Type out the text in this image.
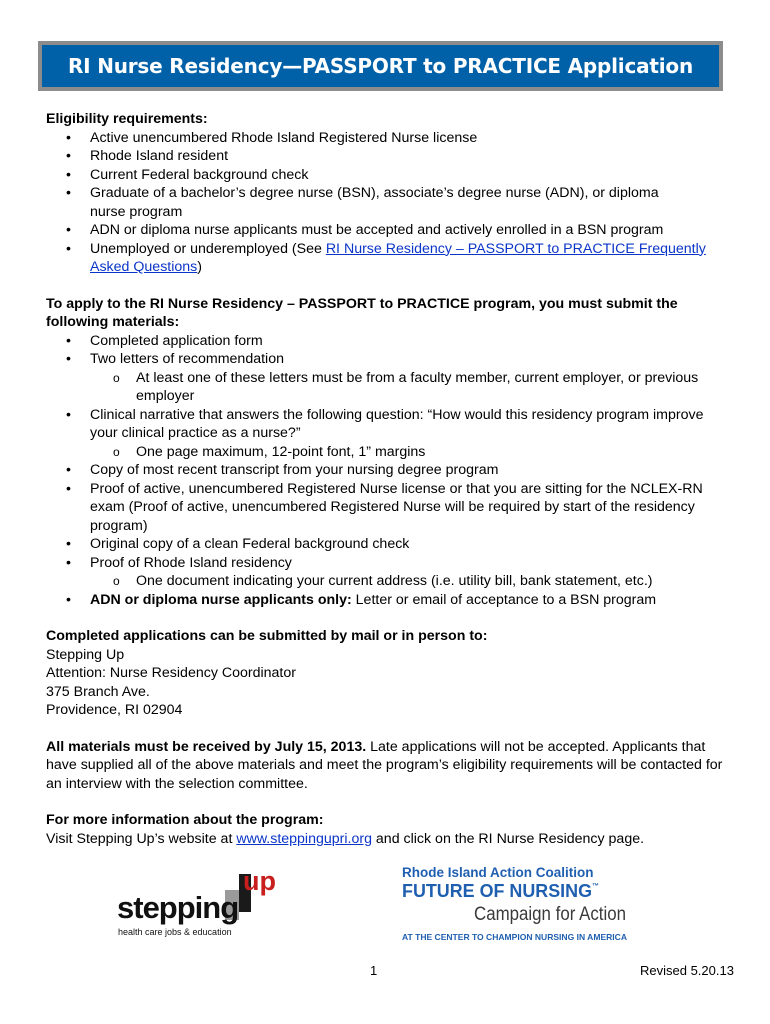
RI Nurse Residency—PASSPORT to PRACTICE Application

Eligibility requirements:

• Active unencumbered Rhode Island Registered Nurse license
• Rhode Island resident
• Current Federal background check
• Graduate of a bachelor’s degree nurse (BSN), associate’s degree nurse (ADN), or diploma nurse program
• ADN or diploma nurse applicants must be accepted and actively enrolled in a BSN program
• Unemployed or underemployed (See RI Nurse Residency – PASSPORT to PRACTICE Frequently Asked Questions)

To apply to the RI Nurse Residency – PASSPORT to PRACTICE program, you must submit the following materials:

• Completed application form
• Two letters of recommendation
o At least one of these letters must be from a faculty member, current employer, or previous employer
• Clinical narrative that answers the following question: “How would this residency program improve your clinical practice as a nurse?”
o One page maximum, 12-point font, 1” margins
• Copy of most recent transcript from your nursing degree program
• Proof of active, unencumbered Registered Nurse license or that you are sitting for the NCLEX-RN exam (Proof of active, unencumbered Registered Nurse will be required by start of the residency program)
• Original copy of a clean Federal background check
• Proof of Rhode Island residency
o One document indicating your current address (i.e. utility bill, bank statement, etc.)
• ADN or diploma nurse applicants only: Letter or email of acceptance to a BSN program

Completed applications can be submitted by mail or in person to:

Stepping Up

Attention: Nurse Residency Coordinator

375 Branch Ave.

Providence, RI 02904

All materials must be received by July 15, 2013. Late applications will not be accepted. Applicants that have supplied all of the above materials and meet the program’s eligibility requirements will be contacted for an interview with the selection committee.

For more information about the program:

Visit Stepping Up’s website at www.steppingupri.org and click on the RI Nurse Residency page.

up
stepping
health care jobs & education
Rhode Island Action Coalition
FUTURE OF NURSING ™
Campaign for Action
AT THE CENTER TO CHAMPION NURSING IN AMERICA
1	Revised 5.20.13
